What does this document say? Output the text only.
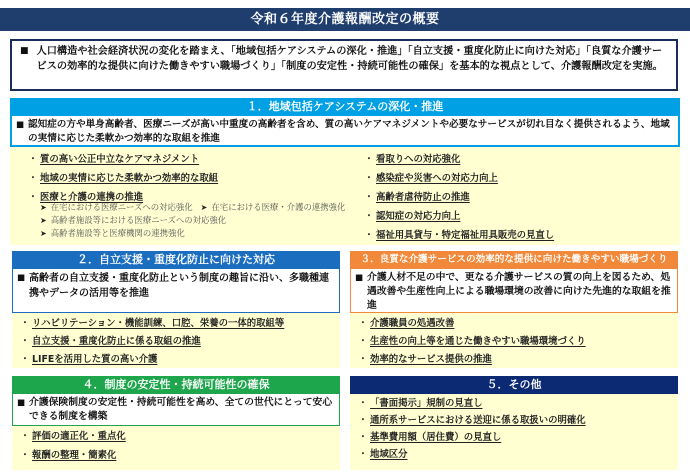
令和６年度介護報酬改定の概要
■ 人口構造や社会経済状況の変化を踏まえ、「地域包括ケアシステムの深化・推進」「自立支援・重度化防止に向けた対応」「良質な介護サービスの効率的な提供に向けた働きやすい職場づくり」「制度の安定性・持続可能性の確保」を基本的な視点として、介護報酬改定を実施。
１．地域包括ケアシステムの深化・推進
■ 認知症の方や単身高齢者、医療ニーズが高い中重度の高齢者を含め、質の高いケアマネジメントや必要なサービスが切れ目なく提供されるよう、地域の実情に応じた柔軟かつ効率的な取組を推進
・ 質の高い公正中立なケアマネジメント
・ 地域の実情に応じた柔軟かつ効率的な取組
・ 医療と介護の連携の推進
➤ 在宅における医療ニーズへの対応強化 ➤ 在宅における医療・介護の連携強化
➤ 高齢者施設等における医療ニーズへの対応強化
➤ 高齢者施設等と医療機関の連携強化
・ 看取りへの対応強化
・ 感染症や災害への対応力向上
・ 高齢者虐待防止の推進
・ 認知症の対応力向上
・ 福祉用具貸与・特定福祉用具販売の見直し
２．自立支援・重度化防止に向けた対応
■ 高齢者の自立支援・重度化防止という制度の趣旨に沿い、多職種連携やデータの活用等を推進
・ リハビリテーション・機能訓練、口腔、栄養の一体的取組等
・ 自立支援・重度化防止に係る取組の推進
・ LIFEを活用した質の高い介護
３．良質な介護サービスの効率的な提供に向けた働きやすい職場づくり
■ 介護人材不足の中で、更なる介護サービスの質の向上を図るため、処遇改善や生産性向上による職場環境の改善に向けた先進的な取組を推進
・ 介護職員の処遇改善
・ 生産性の向上等を通じた働きやすい職場環境づくり
・ 効率的なサービス提供の推進
４．制度の安定性・持続可能性の確保
■ 介護保険制度の安定性・持続可能性を高め、全ての世代にとって安心できる制度を構築
・ 評価の適正化・重点化
・ 報酬の整理・簡素化
５．その他
・ 「書面掲示」規制の見直し
・ 通所系サービスにおける送迎に係る取扱いの明確化
・ 基準費用額（居住費）の見直し
・ 地域区分
